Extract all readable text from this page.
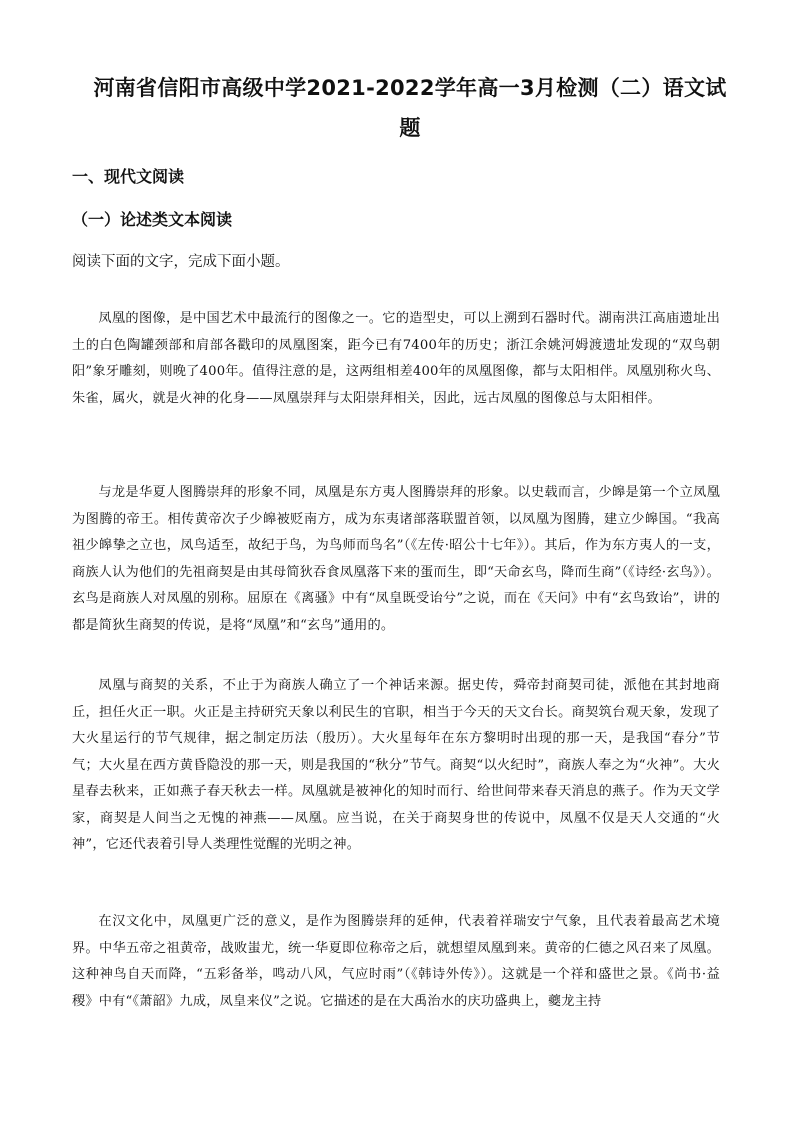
河南省信阳市高级中学2021-2022学年高一3月检测（二）语文试题
一、现代文阅读
（一）论述类文本阅读
阅读下面的文字，完成下面小题。

凤凰的图像，是中国艺术中最流行的图像之一。它的造型史，可以上溯到石器时代。湖南洪江高庙遗址出土的白色陶罐颈部和肩部各戳印的凤凰图案，距今已有7400年的历史；浙江余姚河姆渡遗址发现的“双鸟朝阳”象牙雕刻，则晚了400年。值得注意的是，这两组相差400年的凤凰图像，都与太阳相伴。凤凰别称火鸟、朱雀，属火，就是火神的化身——凤凰崇拜与太阳崇拜相关，因此，远古凤凰的图像总与太阳相伴。

与龙是华夏人图腾崇拜的形象不同，凤凰是东方夷人图腾崇拜的形象。以史载而言，少皞是第一个立凤凰为图腾的帝王。相传黄帝次子少皞被贬南方，成为东夷诸部落联盟首领，以凤凰为图腾，建立少皞国。“我高祖少皞挚之立也，凤鸟适至，故纪于鸟，为鸟师而鸟名”（《左传·昭公十七年》）。其后，作为东方夷人的一支，商族人认为他们的先祖商契是由其母简狄吞食凤凰落下来的蛋而生，即“天命玄鸟，降而生商”（《诗经·玄鸟》）。玄鸟是商族人对凤凰的别称。屈原在《离骚》中有“凤皇既受诒兮”之说，而在《天问》中有“玄鸟致诒”，讲的都是简狄生商契的传说，是将“凤凰”和“玄鸟”通用的。

凤凰与商契的关系，不止于为商族人确立了一个神话来源。据史传，舜帝封商契司徒，派他在其封地商丘，担任火正一职。火正是主持研究天象以利民生的官职，相当于今天的天文台长。商契筑台观天象，发现了大火星运行的节气规律，据之制定历法（殷历）。大火星每年在东方黎明时出现的那一天，是我国“春分”节气；大火星在西方黄昏隐没的那一天，则是我国的“秋分”节气。商契“以火纪时”，商族人奉之为“火神”。大火星春去秋来，正如燕子春天秋去一样。凤凰就是被神化的知时而行、给世间带来春天消息的燕子。作为天文学家，商契是人间当之无愧的神燕——凤凰。应当说，在关于商契身世的传说中，凤凰不仅是天人交通的“火神”，它还代表着引导人类理性觉醒的光明之神。

在汉文化中，凤凰更广泛的意义，是作为图腾崇拜的延伸，代表着祥瑞安宁气象，且代表着最高艺术境界。中华五帝之祖黄帝，战败蚩尤，统一华夏即位称帝之后，就想望凤凰到来。黄帝的仁德之风召来了凤凰。这种神鸟自天而降，“五彩备举，鸣动八风，气应时雨”（《韩诗外传》）。这就是一个祥和盛世之景。《尚书·益稷》中有“《萧韶》九成，凤皇来仪”之说。它描述的是在大禹治水的庆功盛典上，夔龙主持
